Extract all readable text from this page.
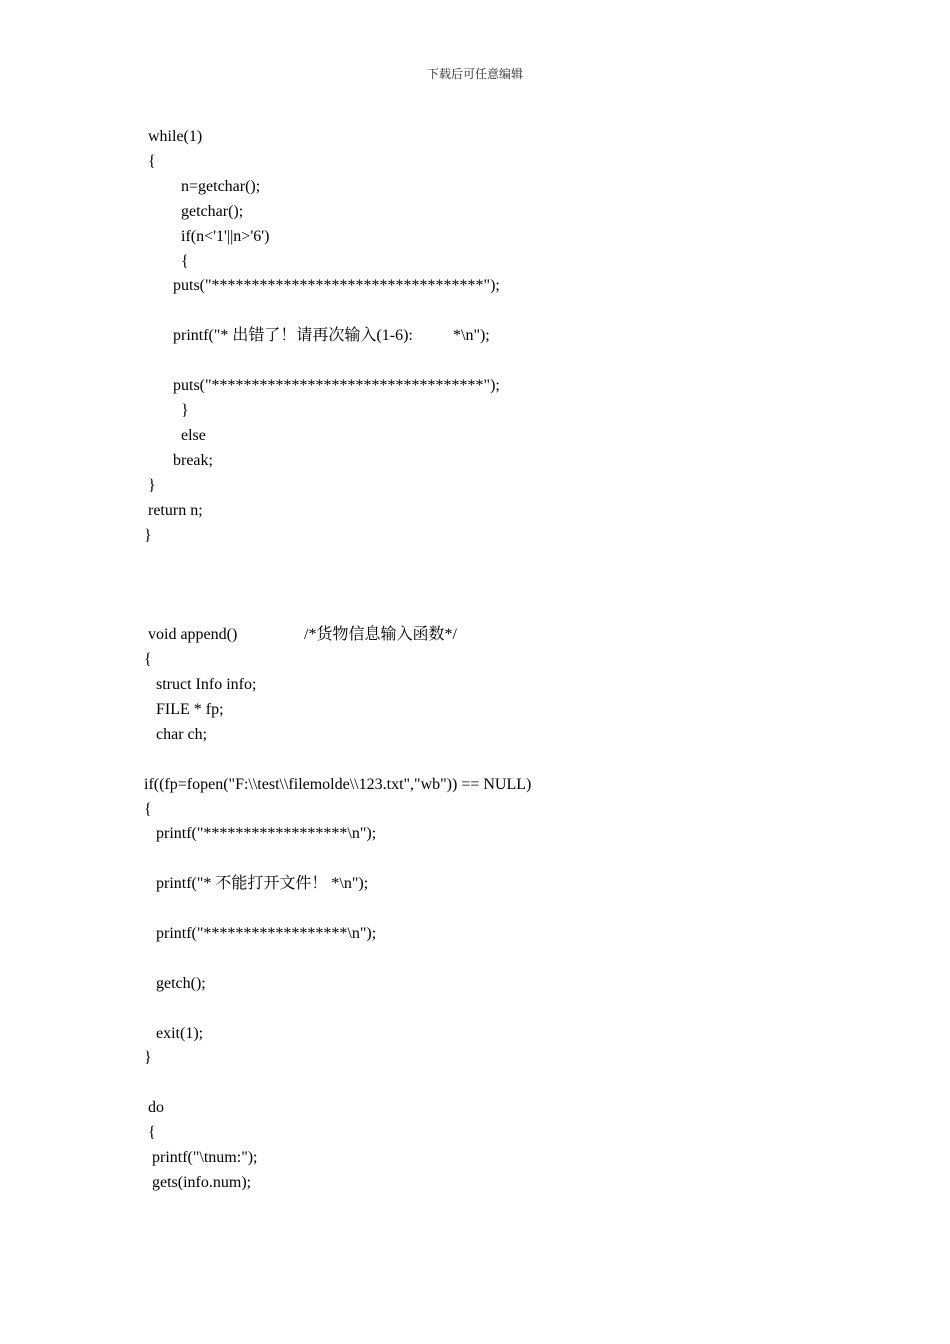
下载后可任意编辑
while(1)
{
n=getchar();
getchar();
if(n<'1'||n>'6')
{
puts("**********************************");
printf("* 出错了！请再次输入(1-6):	*\n");
puts("**********************************");
}
else
break;
}
return n;
}
void append()	/*货物信息输入函数*/
{
struct Info info;
FILE * fp;
char ch;
if((fp=fopen("F:\\test\\filemolde\\123.txt","wb")) == NULL)
{
printf("******************\n");
printf("* 不能打开文件！ *\n");
printf("******************\n");
getch();
exit(1);
}
do
{
printf("\tnum:");
gets(info.num);
